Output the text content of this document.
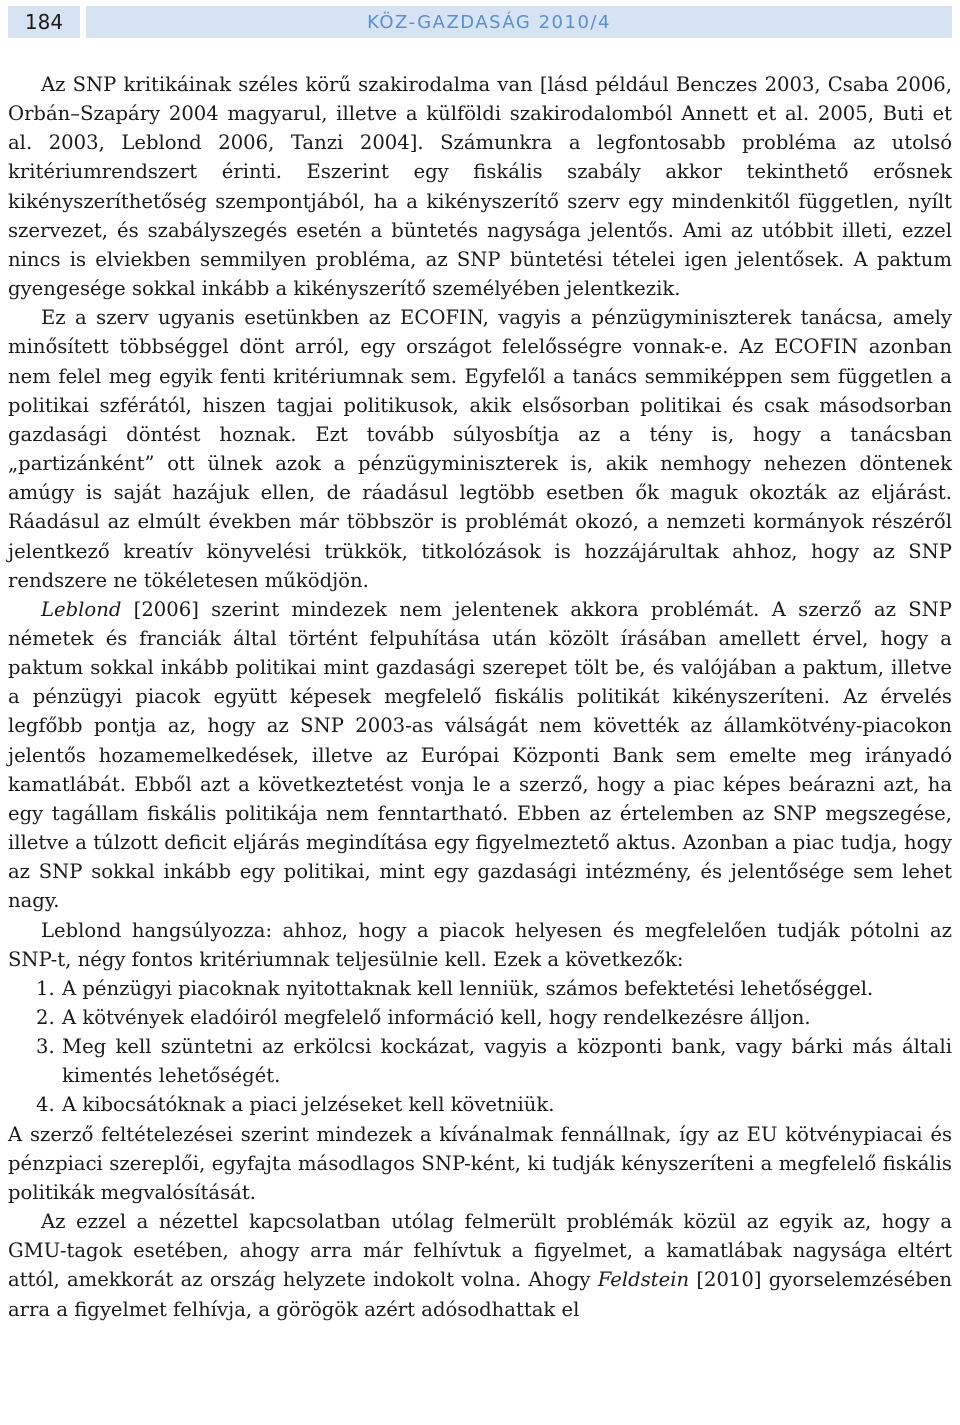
184	KÖZ-GAZDASÁG 2010/4

Az SNP kritikáinak széles körű szakirodalma van [lásd például Benczes 2003, Csaba 2006, Orbán–Szapáry 2004 magyarul, illetve a külföldi szakirodalomból Annett et al. 2005, Buti et al. 2003, Leblond 2006, Tanzi 2004]. Számunkra a legfontosabb probléma az utolsó kritériumrendszert érinti. Eszerint egy fiskális szabály akkor tekinthető erősnek kikényszeríthetőség szempontjából, ha a kikényszerítő szerv egy mindenkitől független, nyílt szervezet, és szabályszegés esetén a büntetés nagysága jelentős. Ami az utóbbit illeti, ezzel nincs is elviekben semmilyen probléma, az SNP büntetési tételei igen jelentősek. A paktum gyengesége sokkal inkább a kikényszerítő személyében jelentkezik.

Ez a szerv ugyanis esetünkben az ECOFIN, vagyis a pénzügyminiszterek tanácsa, amely minősített többséggel dönt arról, egy országot felelősségre vonnak-e. Az ECOFIN azonban nem felel meg egyik fenti kritériumnak sem. Egyfelől a tanács semmiképpen sem független a politikai szférától, hiszen tagjai politikusok, akik elsősorban politikai és csak másodsorban gazdasági döntést hoznak. Ezt tovább súlyosbítja az a tény is, hogy a tanácsban „partizánként” ott ülnek azok a pénzügyminiszterek is, akik nemhogy nehezen döntenek amúgy is saját hazájuk ellen, de ráadásul legtöbb esetben ők maguk okozták az eljárást. Ráadásul az elmúlt években már többször is problémát okozó, a nemzeti kormányok részéről jelentkező kreatív könyvelési trükkök, titkolózások is hozzájárultak ahhoz, hogy az SNP rendszere ne tökéletesen működjön.

Leblond [2006] szerint mindezek nem jelentenek akkora problémát. A szerző az SNP németek és franciák által történt felpuhítása után közölt írásában amellett érvel, hogy a paktum sokkal inkább politikai mint gazdasági szerepet tölt be, és valójában a paktum, illetve a pénzügyi piacok együtt képesek megfelelő fiskális politikát kikényszeríteni. Az érvelés legfőbb pontja az, hogy az SNP 2003-as válságát nem követték az államkötvény-piacokon jelentős hozamemelkedések, illetve az Európai Központi Bank sem emelte meg irányadó kamatlábát. Ebből azt a következtetést vonja le a szerző, hogy a piac képes beárazni azt, ha egy tagállam fiskális politikája nem fenntartható. Ebben az értelemben az SNP megszegése, illetve a túlzott deficit eljárás megindítása egy figyelmeztető aktus. Azonban a piac tudja, hogy az SNP sokkal inkább egy politikai, mint egy gazdasági intézmény, és jelentősége sem lehet nagy.

Leblond hangsúlyozza: ahhoz, hogy a piacok helyesen és megfelelően tudják pótolni az SNP-t, négy fontos kritériumnak teljesülnie kell. Ezek a következők:

1. A pénzügyi piacoknak nyitottaknak kell lenniük, számos befektetési lehetőséggel.
2. A kötvények eladóiról megfelelő információ kell, hogy rendelkezésre álljon.
3. Meg kell szüntetni az erkölcsi kockázat, vagyis a központi bank, vagy bárki más általi kimentés lehetőségét.
4. A kibocsátóknak a piaci jelzéseket kell követniük.

A szerző feltételezései szerint mindezek a kívánalmak fennállnak, így az EU kötvénypiacai és pénzpiaci szereplői, egyfajta másodlagos SNP-ként, ki tudják kényszeríteni a megfelelő fiskális politikák megvalósítását.

Az ezzel a nézettel kapcsolatban utólag felmerült problémák közül az egyik az, hogy a GMU-tagok esetében, ahogy arra már felhívtuk a figyelmet, a kamatlábak nagysága eltért attól, amekkorát az ország helyzete indokolt volna. Ahogy Feldstein [2010] gyorselemzésében arra a figyelmet felhívja, a görögök azért adósodhattak el
